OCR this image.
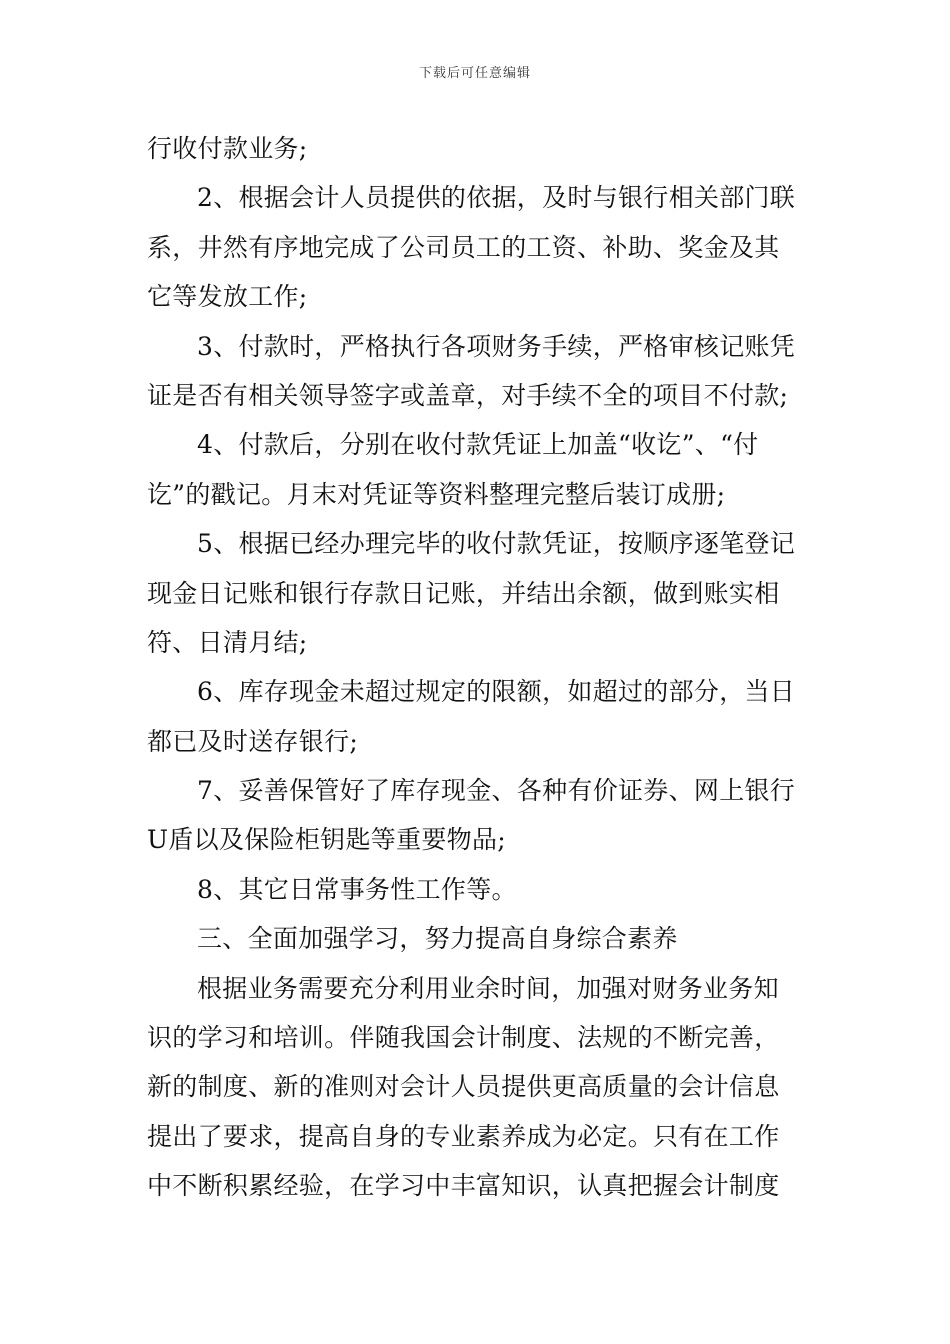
下载后可任意编辑
行收付款业务;
2、根据会计人员提供的依据，及时与银行相关部门联
系，井然有序地完成了公司员工的工资、补助、奖金及其
它等发放工作;
3、付款时，严格执行各项财务手续，严格审核记账凭
证是否有相关领导签字或盖章，对手续不全的项目不付款;
4、付款后，分别在收付款凭证上加盖“收讫”、“付
讫”的戳记。月末对凭证等资料整理完整后装订成册;
5、根据已经办理完毕的收付款凭证，按顺序逐笔登记
现金日记账和银行存款日记账，并结出余额，做到账实相
符、日清月结;
6、库存现金未超过规定的限额，如超过的部分，当日
都已及时送存银行;
7、妥善保管好了库存现金、各种有价证券、网上银行
U盾以及保险柜钥匙等重要物品;
8、其它日常事务性工作等。
三、全面加强学习，努力提高自身综合素养
根据业务需要充分利用业余时间，加强对财务业务知
识的学习和培训。伴随我国会计制度、法规的不断完善，
新的制度、新的准则对会计人员提供更高质量的会计信息
提出了要求，提高自身的专业素养成为必定。只有在工作
中不断积累经验，在学习中丰富知识，认真把握会计制度
